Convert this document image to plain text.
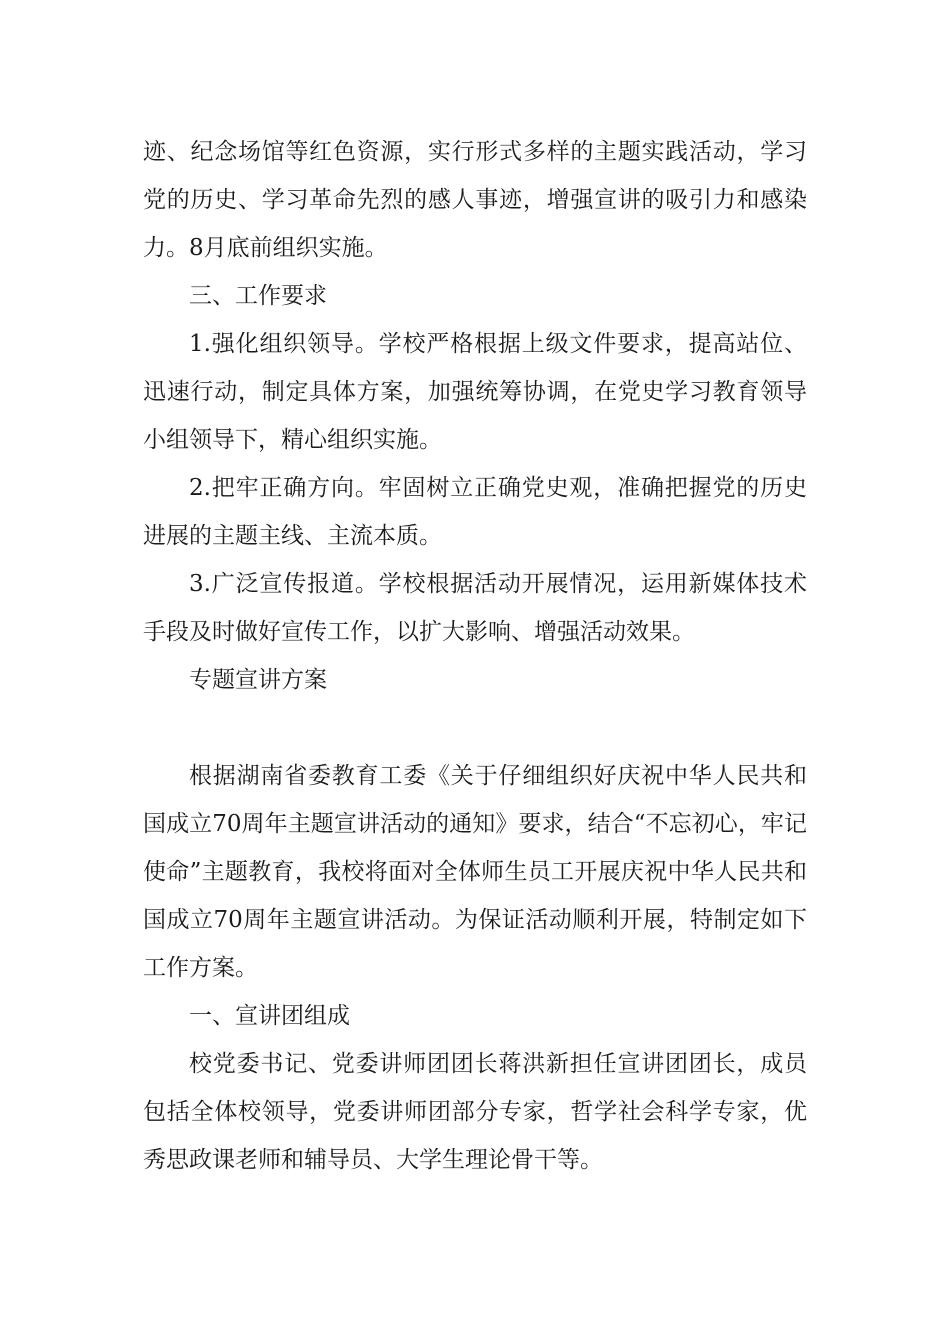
迹、纪念场馆等红色资源，实行形式多样的主题实践活动，学习党的历史、学习革命先烈的感人事迹，增强宣讲的吸引力和感染力。8月底前组织实施。

三、工作要求

1.强化组织领导。学校严格根据上级文件要求，提高站位、迅速行动，制定具体方案，加强统筹协调，在党史学习教育领导小组领导下，精心组织实施。

2.把牢正确方向。牢固树立正确党史观，准确把握党的历史进展的主题主线、主流本质。

3.广泛宣传报道。学校根据活动开展情况，运用新媒体技术手段及时做好宣传工作，以扩大影响、增强活动效果。

专题宣讲方案

根据湖南省委教育工委《关于仔细组织好庆祝中华人民共和国成立70周年主题宣讲活动的通知》要求，结合“不忘初心，牢记使命”主题教育，我校将面对全体师生员工开展庆祝中华人民共和国成立70周年主题宣讲活动。为保证活动顺利开展，特制定如下工作方案。

一、宣讲团组成

校党委书记、党委讲师团团长蒋洪新担任宣讲团团长，成员包括全体校领导，党委讲师团部分专家，哲学社会科学专家，优秀思政课老师和辅导员、大学生理论骨干等。
